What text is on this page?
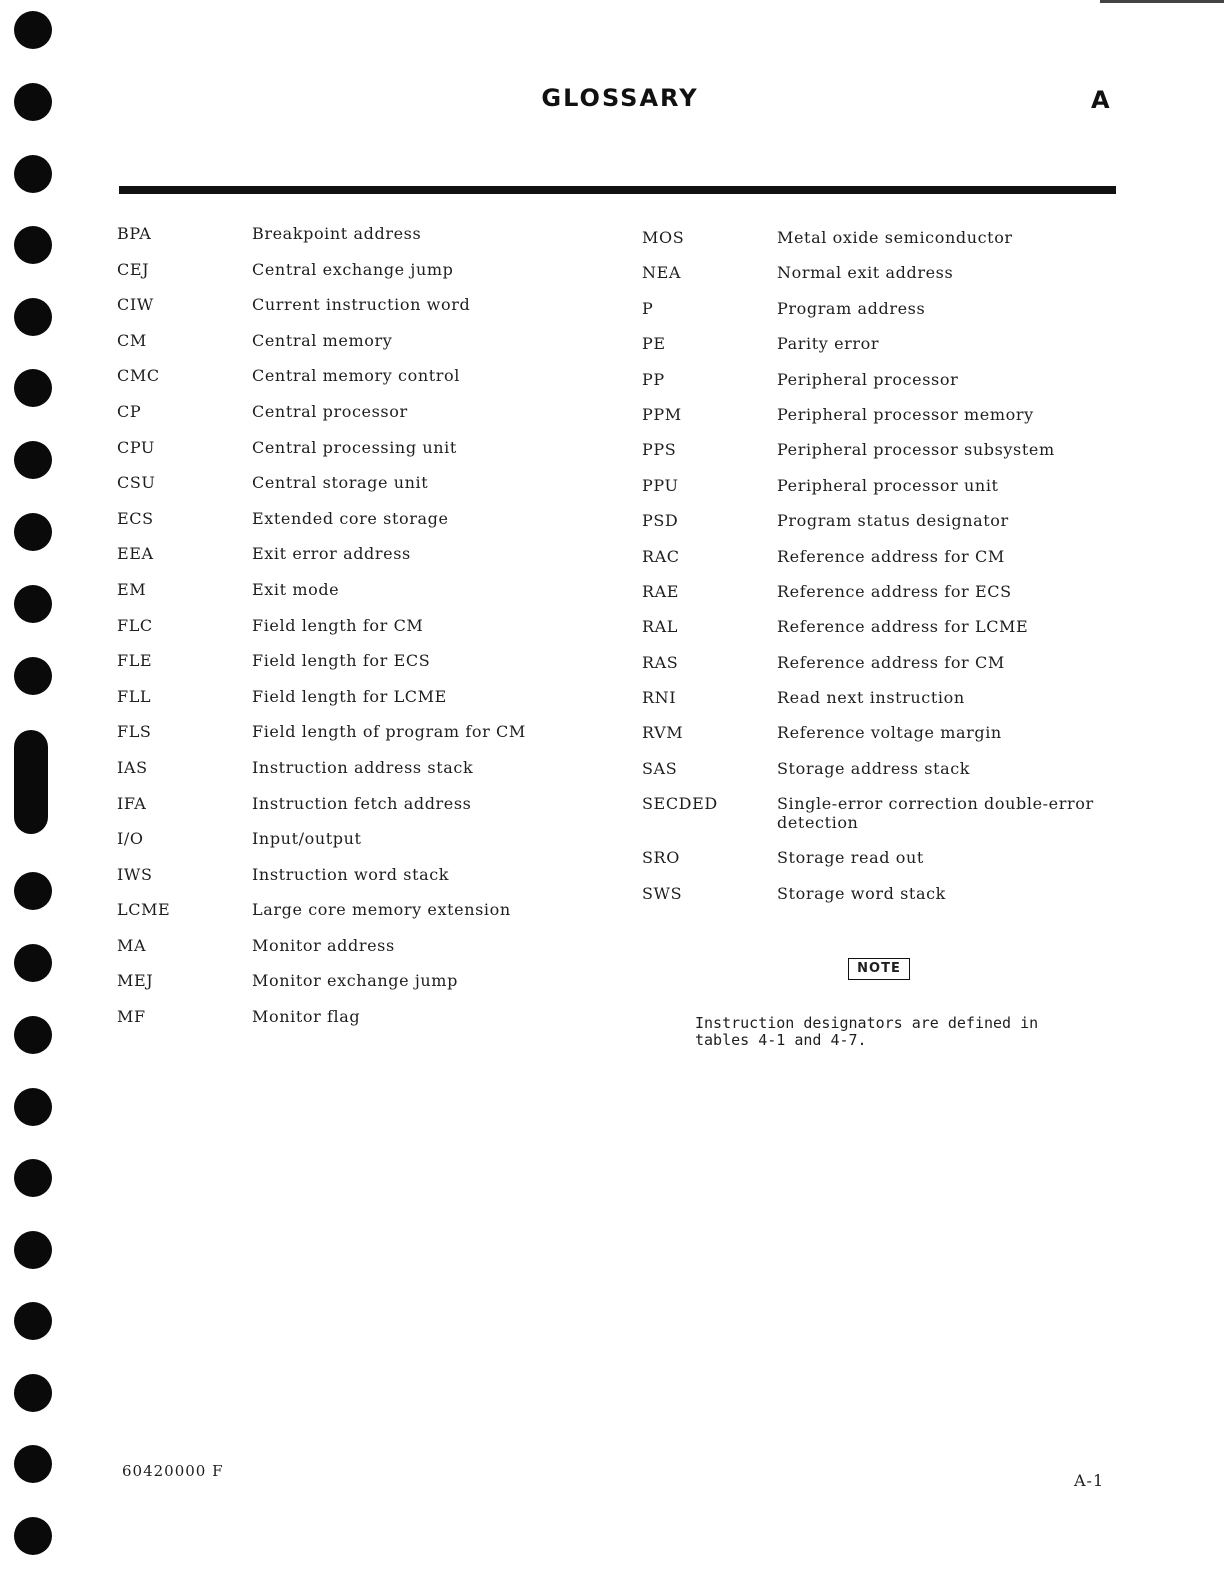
GLOSSARY	A
BPA	Breakpoint address
CEJ	Central exchange jump
CIW	Current instruction word
CM	Central memory
CMC	Central memory control
CP	Central processor
CPU	Central processing unit
CSU	Central storage unit
ECS	Extended core storage
EEA	Exit error address
EM	Exit mode
FLC	Field length for CM
FLE	Field length for ECS
FLL	Field length for LCME
FLS	Field length of program for CM
IAS	Instruction address stack
IFA	Instruction fetch address
I/O	Input/output
IWS	Instruction word stack
LCME	Large core memory extension
MA	Monitor address
MEJ	Monitor exchange jump
MF	Monitor flag
MOS	Metal oxide semiconductor
NEA	Normal exit address
P	Program address
PE	Parity error
PP	Peripheral processor
PPM	Peripheral processor memory
PPS	Peripheral processor subsystem
PPU	Peripheral processor unit
PSD	Program status designator
RAC	Reference address for CM
RAE	Reference address for ECS
RAL	Reference address for LCME
RAS	Reference address for CM
RNI	Read next instruction
RVM	Reference voltage margin
SAS	Storage address stack
SECDED	Single-error correction double-error detection
SRO	Storage read out
SWS	Storage word stack
NOTE
Instruction designators are defined in tables 4-1 and 4-7.
60420000 F	A-1
